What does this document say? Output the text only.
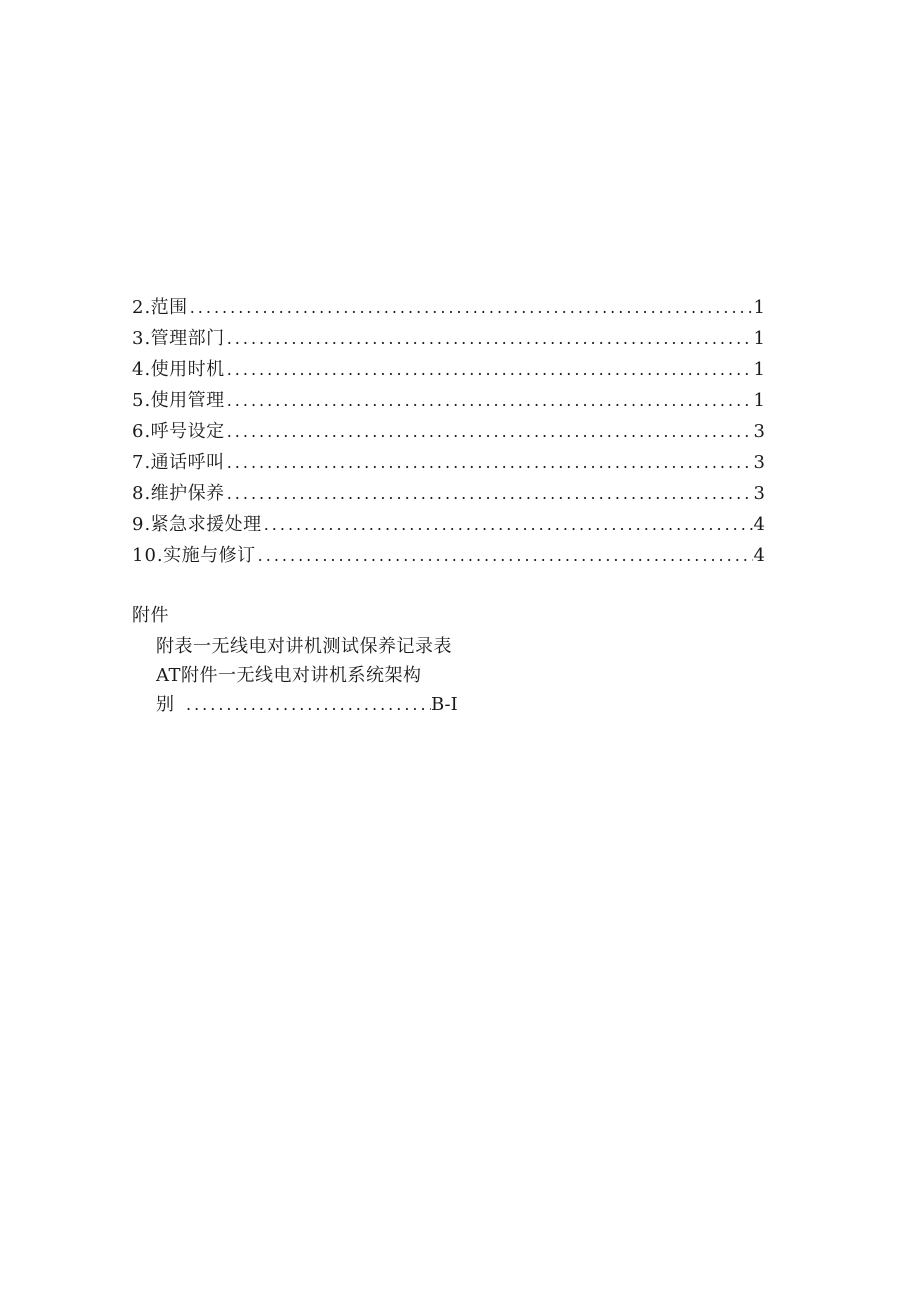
2 .范围 .....	1
3 .管理部门 .....	1
4 .使用时机 .....	1
5 .使用管理 .....	1
6 .呼号设定 .....	3
7 .通话呼叫 .....	3
8 .维护保养 .....	3
9 .紧急求援处理 .....	4
10 .实施与修订 .....	4
附件
附表一无线电对讲机测试保养记录表
AT附件一无线电对讲机系统架构
别 .....	B-I
